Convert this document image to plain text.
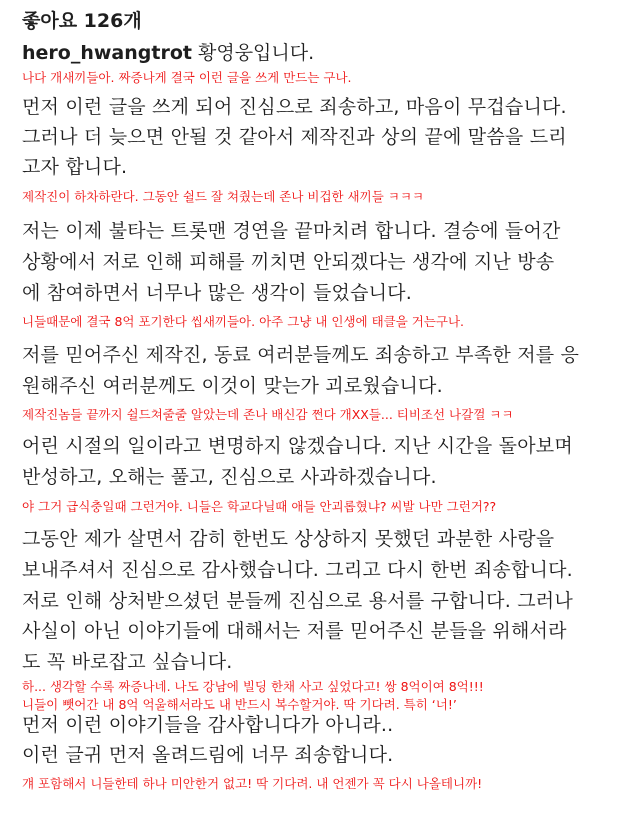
좋아요 126개
hero_hwangtrot 황영웅입니다.
나다 개새끼들아. 짜증나게 결국 이런 글을 쓰게 만드는 구나.
먼저 이런 글을 쓰게 되어 진심으로 죄송하고, 마음이 무겁습니다.
그러나 더 늦으면 안될 것 같아서 제작진과 상의 끝에 말씀을 드리
고자 합니다.
제작진이 하차하란다. 그동안 쉴드 잘 쳐줬는데 존나 비겁한 새끼들 ㅋㅋㅋ
저는 이제 불타는 트롯맨 경연을 끝마치려 합니다. 결승에 들어간
상황에서 저로 인해 피해를 끼치면 안되겠다는 생각에 지난 방송
에 참여하면서 너무나 많은 생각이 들었습니다.
니들때문에 결국 8억 포기한다 씹새끼들아. 아주 그냥 내 인생에 태클을 거는구나.
저를 믿어주신 제작진, 동료 여러분들께도 죄송하고 부족한 저를 응
원해주신 여러분께도 이것이 맞는가 괴로웠습니다.
제작진놈들 끝까지 쉴드쳐줄줄 알았는데 존나 배신감 쩐다 개XX들... 티비조선 나갈껄 ㅋㅋ
어린 시절의 일이라고 변명하지 않겠습니다. 지난 시간을 돌아보며
반성하고, 오해는 풀고, 진심으로 사과하겠습니다.
야 그거 급식충일때 그런거야. 니들은 학교다닐때 애들 안괴롭혔냐? 씨발 나만 그런거??
그동안 제가 살면서 감히 한번도 상상하지 못했던 과분한 사랑을
보내주셔서 진심으로 감사했습니다. 그리고 다시 한번 죄송합니다.
저로 인해 상처받으셨던 분들께 진심으로 용서를 구합니다. 그러나
사실이 아닌 이야기들에 대해서는 저를 믿어주신 분들을 위해서라
도 꼭 바로잡고 싶습니다.
하... 생각할 수록 짜증나네. 나도 강남에 빌딩 한채 사고 싶었다고! 쌍 8억이여 8억!!!
니들이 뺏어간 내 8억 억울해서라도 내 반드시 복수할거야. 딱 기다려. 특히 ‘너!’
먼저 이런 이야기들을 감사합니다가 아니라..
이런 글귀 먼저 올려드림에 너무 죄송합니다.
걔 포함해서 니들한테 하나 미안한거 없고! 딱 기다려. 내 언젠가 꼭 다시 나올테니까!
